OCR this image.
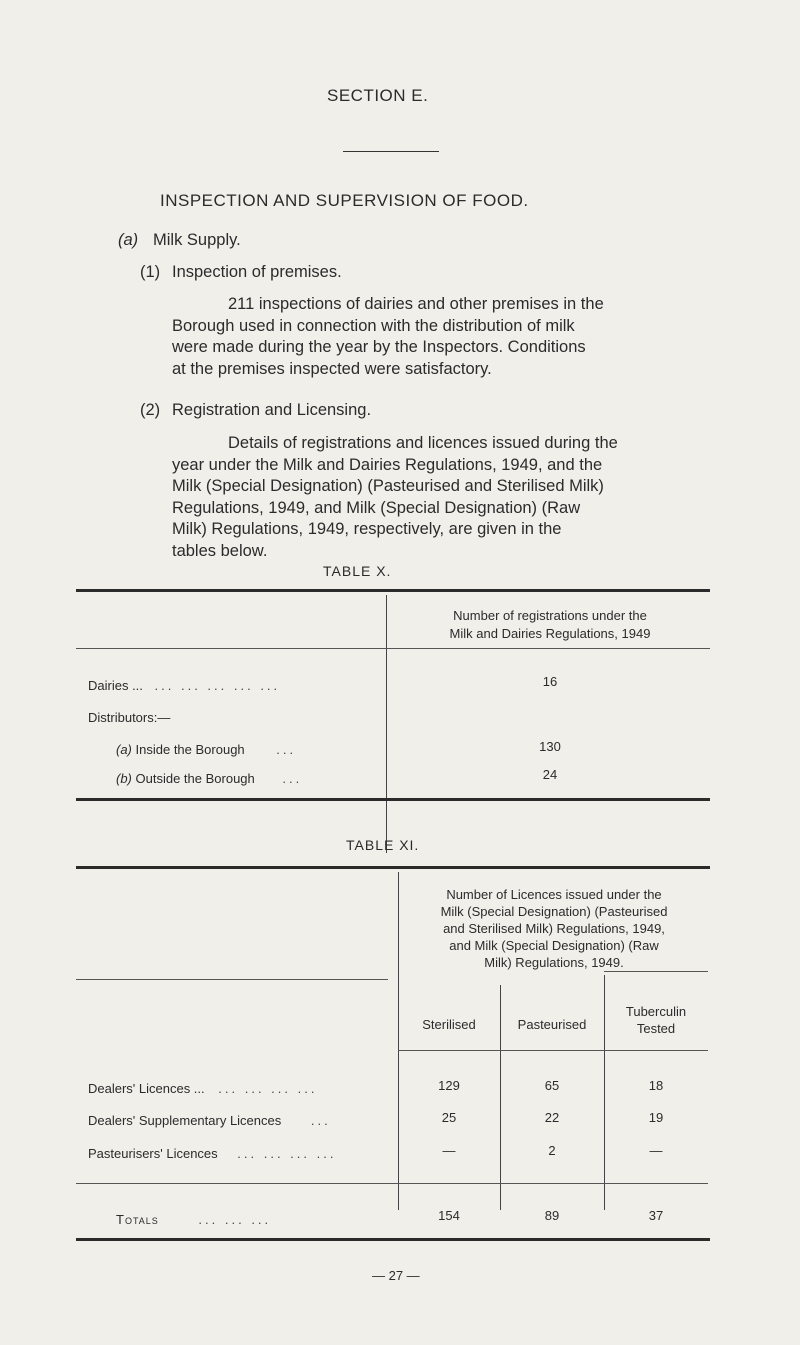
SECTION E.
INSPECTION AND SUPERVISION OF FOOD.
(a) Milk Supply.
(1) Inspection of premises.
211 inspections of dairies and other premises in the
Borough used in connection with the distribution of milk
were made during the year by the Inspectors. Conditions
at the premises inspected were satisfactory.
(2) Registration and Licensing.
Details of registrations and licences issued during the
year under the Milk and Dairies Regulations, 1949, and the
Milk (Special Designation) (Pasteurised and Sterilised Milk)
Regulations, 1949, and Milk (Special Designation) (Raw
Milk) Regulations, 1949, respectively, are given in the
tables below.
TABLE X.
Number of registrations under the
Milk and Dairies Regulations, 1949
Dairies ... ... ... ... ... ...	16
Distributors:—
(a) Inside the Borough ...	130
(b) Outside the Borough ...	24
TABLE XI.
Number of Licences issued under the
Milk (Special Designation) (Pasteurised
and Sterilised Milk) Regulations, 1949,
and Milk (Special Designation) (Raw
Milk) Regulations, 1949.
Sterilised	Pasteurised
Tuberculin
Tested
Dealers' Licences ... ... ... ... ...	129	65	18
Dealers' Supplementary Licences ...	25	22	19
Pasteurisers' Licences ... ... ... ...	—	2	—
Totals	... ... ...	154	89	37
— 27 —
